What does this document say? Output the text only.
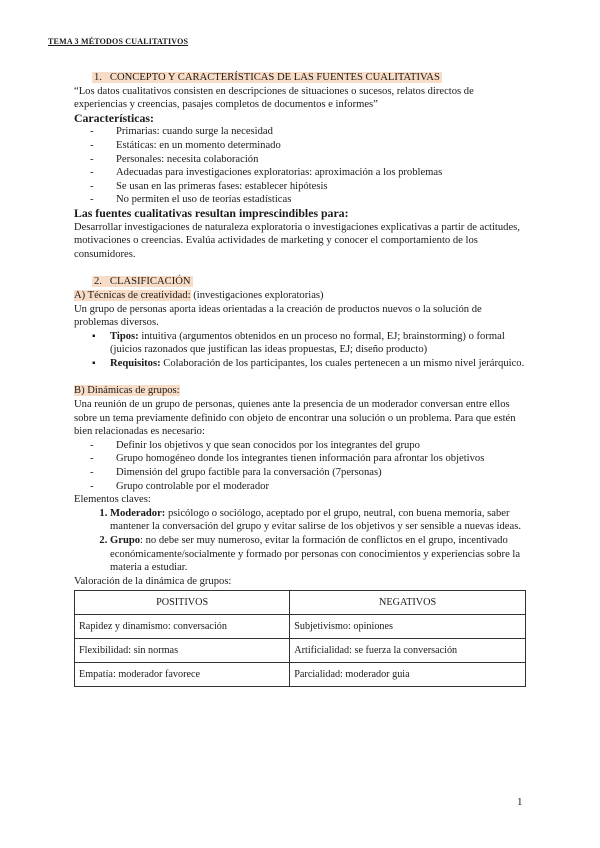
TEMA 3 MÉTODOS CUALITATIVOS

1. CONCEPTO Y CARACTERÍSTICAS DE LAS FUENTES CUALITATIVAS

“Los datos cualitativos consisten en descripciones de situaciones o sucesos, relatos directos de experiencias y creencias, pasajes completos de documentos e informes”

Características:

- Primarias: cuando surge la necesidad
- Estáticas: en un momento determinado
- Personales: necesita colaboración
- Adecuadas para investigaciones exploratorias: aproximación a los problemas
- Se usan en las primeras fases: establecer hipótesis
- No permiten el uso de teorías estadísticas

Las fuentes cualitativas resultan imprescindibles para:

Desarrollar investigaciones de naturaleza exploratoria o investigaciones explicativas a partir de actitudes, motivaciones o creencias. Evalúa actividades de marketing y conocer el comportamiento de los consumidores.

2. CLASIFICACIÓN

A) Técnicas de creatividad: (investigaciones exploratorias)

Un grupo de personas aporta ideas orientadas a la creación de productos nuevos o la solución de problemas diversos.

▪ Tipos: intuitiva (argumentos obtenidos en un proceso no formal, EJ; brainstorming) o formal (juicios razonados que justifican las ideas propuestas, EJ; diseño producto)
▪ Requisitos: Colaboración de los participantes, los cuales pertenecen a un mismo nivel jerárquico.

B) Dinámicas de grupos:

Una reunión de un grupo de personas, quienes ante la presencia de un moderador conversan entre ellos sobre un tema previamente definido con objeto de encontrar una solución o un problema. Para que estén bien relacionadas es necesario:

- Definir los objetivos y que sean conocidos por los integrantes del grupo
- Grupo homogéneo donde los integrantes tienen información para afrontar los objetivos
- Dimensión del grupo factible para la conversación (7personas)
- Grupo controlable por el moderador

Elementos claves:

1. Moderador: psicólogo o sociólogo, aceptado por el grupo, neutral, con buena memoria, saber mantener la conversación del grupo y evitar salirse de los objetivos y ser sensible a nuevas ideas.
2. Grupo: no debe ser muy numeroso, evitar la formación de conflictos en el grupo, incentivado económicamente/socialmente y formado por personas con conocimientos y experiencias sobre la materia a estudiar.

Valoración de la dinámica de grupos:

POSITIVOS	NEGATIVOS
Rapidez y dinamismo: conversación	Subjetivismo: opiniones
Flexibilidad: sin normas	Artificialidad: se fuerza la conversación
Empatía: moderador favorece	Parcialidad: moderador guia
1
